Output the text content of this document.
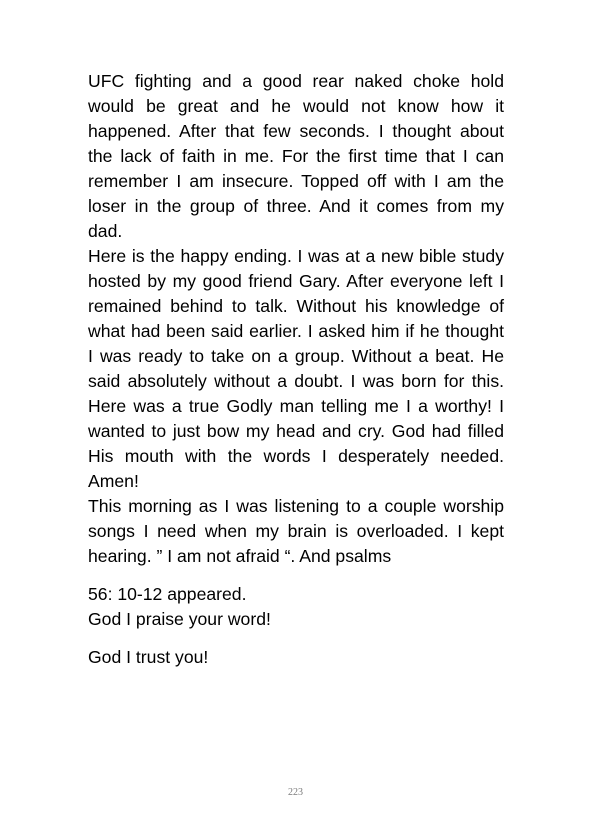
UFC fighting and a good rear naked choke hold would be great and he would not know how it happened. After that few seconds. I thought about the lack of faith in me. For the first time that I can remember I am insecure. Topped off with I am the loser in the group of three. And it comes from my dad.

Here is the happy ending. I was at a new bible study hosted by my good friend Gary. After everyone left I remained behind to talk. Without his knowledge of what had been said earlier. I asked him if he thought I was ready to take on a group. Without a beat. He said absolutely without a doubt. I was born for this. Here was a true Godly man telling me I a worthy! I wanted to just bow my head and cry. God had filled His mouth with the words I desperately needed. Amen!

This morning as I was listening to a couple worship songs I need when my brain is overloaded. I kept hearing. ” I am not afraid “. And psalms

56: 10-12 appeared.

God I praise your word!

God I trust you!

223
